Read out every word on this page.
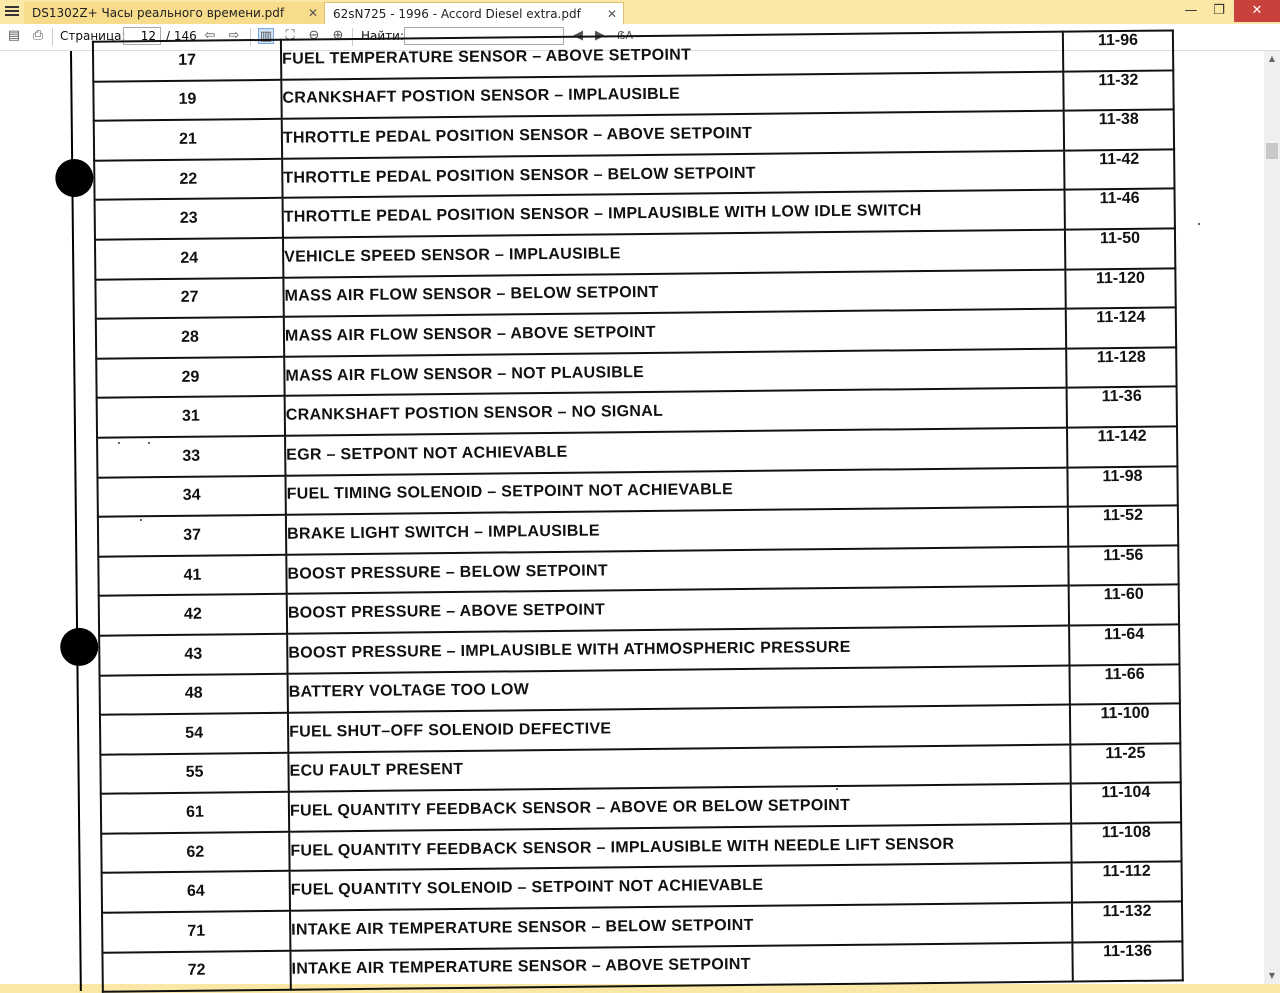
DS1302Z+ Часы реального времени.pdf ✕	62sN725 - 1996 - Accord Diesel extra.pdf ✕	—	❐	✕
▤ ⎙ Страница:	12 / 146 ⇦ ⇨ ▥ ⛶ ⊖ ⊕ Найти:	◀ ▶ ẞA
17	FUEL TEMPERATURE SENSOR – ABOVE SETPOINT	11-96
19	CRANKSHAFT POSTION SENSOR – IMPLAUSIBLE	11-32
21	THROTTLE PEDAL POSITION SENSOR – ABOVE SETPOINT	11-38
22	THROTTLE PEDAL POSITION SENSOR – BELOW SETPOINT	11-42
23	THROTTLE PEDAL POSITION SENSOR – IMPLAUSIBLE WITH LOW IDLE SWITCH	11-46
24	VEHICLE SPEED SENSOR – IMPLAUSIBLE	11-50
27	MASS AIR FLOW SENSOR – BELOW SETPOINT	11-120
28	MASS AIR FLOW SENSOR – ABOVE SETPOINT	11-124
29	MASS AIR FLOW SENSOR – NOT PLAUSIBLE	11-128
31	CRANKSHAFT POSTION SENSOR – NO SIGNAL	11-36
33	EGR – SETPONT NOT ACHIEVABLE	11-142
34	FUEL TIMING SOLENOID – SETPOINT NOT ACHIEVABLE	11-98
37	BRAKE LIGHT SWITCH – IMPLAUSIBLE	11-52
41	BOOST PRESSURE – BELOW SETPOINT	11-56
42	BOOST PRESSURE – ABOVE SETPOINT	11-60
43	BOOST PRESSURE – IMPLAUSIBLE WITH ATHMOSPHERIC PRESSURE	11-64
48	BATTERY VOLTAGE TOO LOW	11-66
54	FUEL SHUT–OFF SOLENOID DEFECTIVE	11-100
55	ECU FAULT PRESENT	11-25
61	FUEL QUANTITY FEEDBACK SENSOR – ABOVE OR BELOW SETPOINT	11-104
62	FUEL QUANTITY FEEDBACK SENSOR – IMPLAUSIBLE WITH NEEDLE LIFT SENSOR	11-108
64	FUEL QUANTITY SOLENOID – SETPOINT NOT ACHIEVABLE	11-112
71	INTAKE AIR TEMPERATURE SENSOR – BELOW SETPOINT	11-132
72	INTAKE AIR TEMPERATURE SENSOR – ABOVE SETPOINT	11-136
▲
▼
